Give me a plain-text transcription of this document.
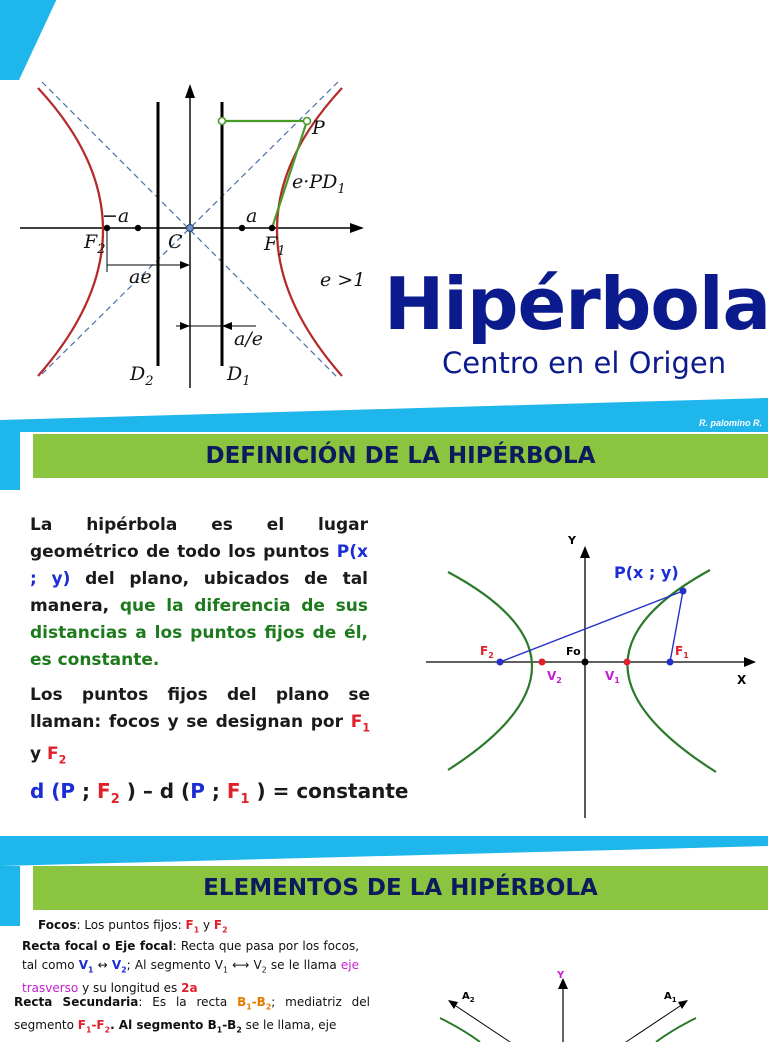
P
$e\cdot PD_1$
−a	a
$F_2$	C	$F_1$
ae	e >1
a/e
$D_2$	$D_1$
Hipérbola
Centro en el Origen
R. palomino R.
DEFINICIÓN DE LA HIPÉRBOLA
La hipérbola es el lugar geométrico de todo los puntos P(x ; y) del plano, ubicados de tal manera, que la diferencia de sus distancias a los puntos fijos de él, es constante.
Los puntos fijos del plano se llaman: focos y se designan por $F_1$ y $F_2$
d (P ; $F_2$ ) – d (P ; $F_1$ ) = constante
Y
X
P(x ; y)
$F_2$	Fo	$F_1$
$V_2$	$V_1$
R. palomino R.
R. palomino R.
ELEMENTOS DE LA HIPÉRBOLA
Focos: Los puntos fijos: $F_1$ y $F_2$
Recta focal o Eje focal: Recta que pasa por los focos, tal como $V_1$ ↔ $V_2$; Al segmento $V_1$ ⟷ $V_2$ se le llama eje trasverso y su longitud es 2a
Recta Secundaria: Es la recta $B_1-B_2$; mediatriz del segmento $F_1-F_2$. Al segmento $B_1-B_2$ se le llama, eje
Y
$A_2$	$A_1$
